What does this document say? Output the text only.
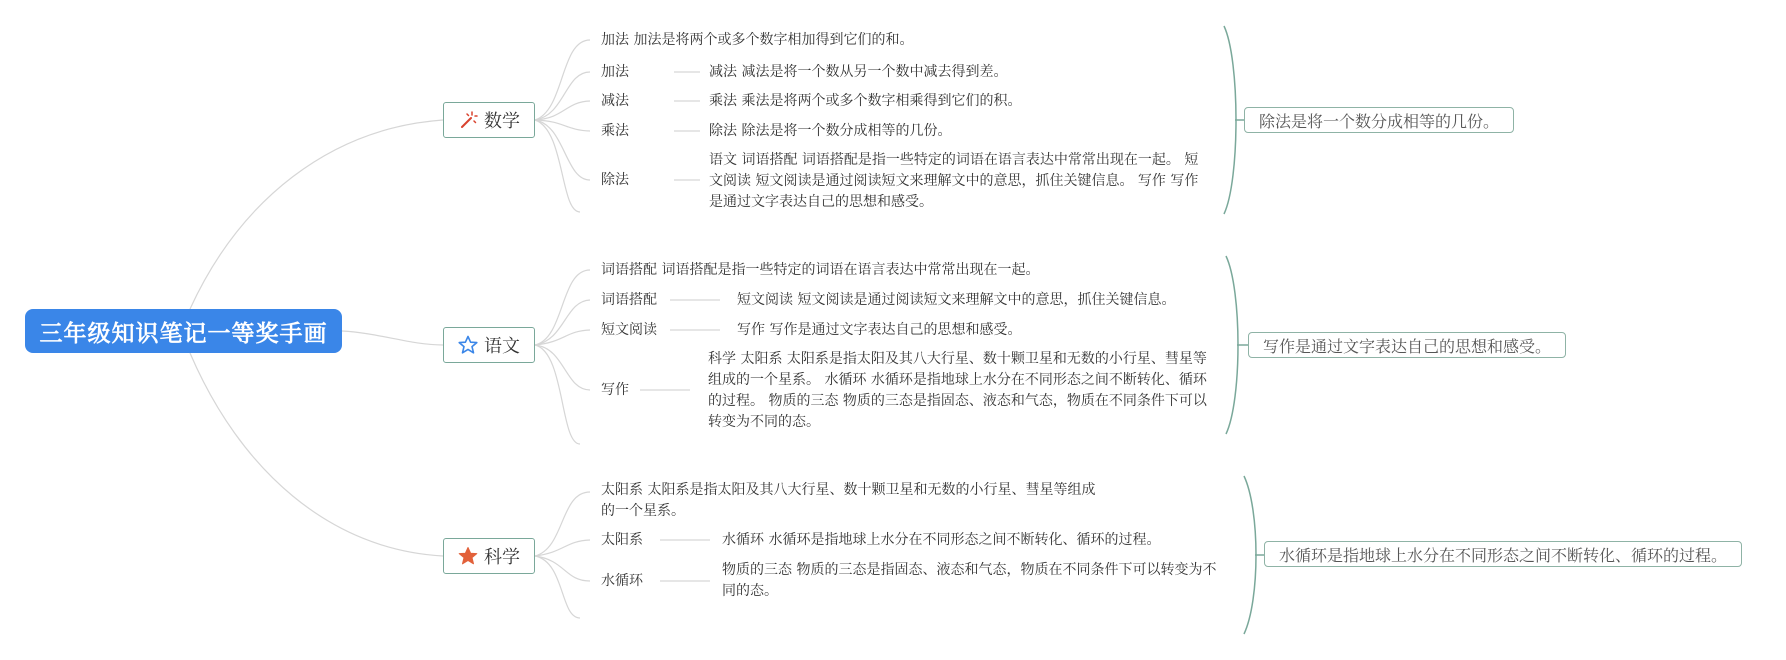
三年级知识笔记一等奖手画
数学
语文
科学
加法 加法是将两个或多个数字相加得到它们的和。
加法	减法 减法是将一个数从另一个数中减去得到差。
减法	乘法 乘法是将两个或多个数字相乘得到它们的积。
乘法	除法 除法是将一个数分成相等的几份。
除法
语文 词语搭配 词语搭配是指一些特定的词语在语言表达中常常出现在一起。 短文阅读 短文阅读是通过阅读短文来理解文中的意思，抓住关键信息。 写作 写作是通过文字表达自己的思想和感受。
词语搭配 词语搭配是指一些特定的词语在语言表达中常常出现在一起。
词语搭配	短文阅读 短文阅读是通过阅读短文来理解文中的意思，抓住关键信息。
短文阅读	写作 写作是通过文字表达自己的思想和感受。
写作
科学 太阳系 太阳系是指太阳及其八大行星、数十颗卫星和无数的小行星、彗星等组成的一个星系。 水循环 水循环是指地球上水分在不同形态之间不断转化、循环的过程。 物质的三态 物质的三态是指固态、液态和气态，物质在不同条件下可以转变为不同的态。
太阳系 太阳系是指太阳及其八大行星、数十颗卫星和无数的小行星、彗星等组成的一个星系。
太阳系	水循环 水循环是指地球上水分在不同形态之间不断转化、循环的过程。
水循环
物质的三态 物质的三态是指固态、液态和气态，物质在不同条件下可以转变为不同的态。
除法是将一个数分成相等的几份。
写作是通过文字表达自己的思想和感受。
水循环是指地球上水分在不同形态之间不断转化、循环的过程。
